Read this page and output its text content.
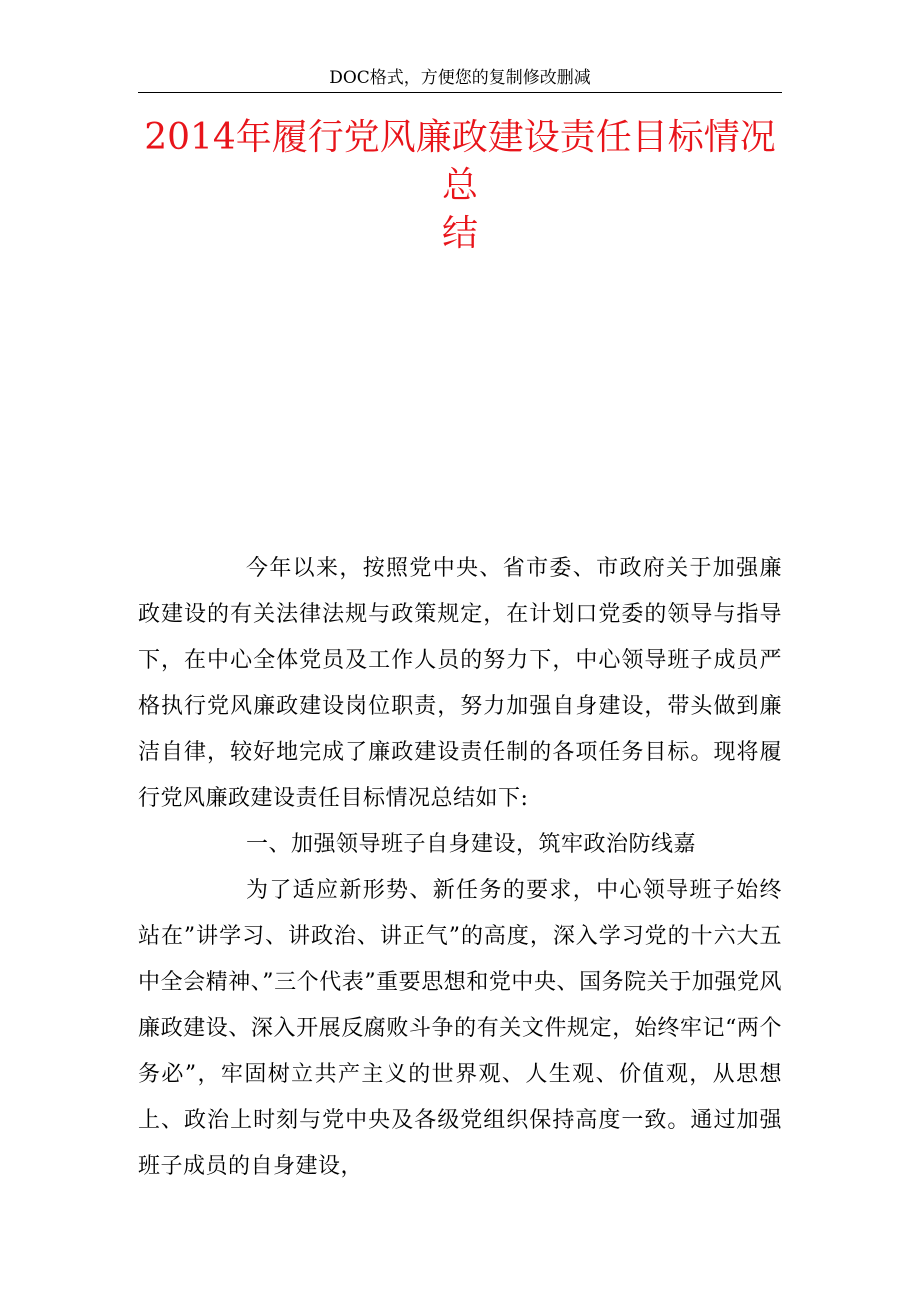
DOC格式，方便您的复制修改删减
2014年履行党风廉政建设责任目标情况总
结

今年以来，按照党中央、省市委、市政府关于加强廉政建设的有关法律法规与政策规定，在计划口党委的领导与指导下，在中心全体党员及工作人员的努力下，中心领导班子成员严格执行党风廉政建设岗位职责，努力加强自身建设，带头做到廉洁自律，较好地完成了廉政建设责任制的各项任务目标。现将履行党风廉政建设责任目标情况总结如下:

一、加强领导班子自身建设，筑牢政治防线嘉

为了适应新形势、新任务的要求，中心领导班子始终站在”讲学习、讲政治、讲正气”的高度，深入学习党的十六大五中全会精神、”三个代表”重要思想和党中央、国务院关于加强党风廉政建设、深入开展反腐败斗争的有关文件规定，始终牢记“两个务必”，牢固树立共产主义的世界观、人生观、价值观，从思想上、政治上时刻与党中央及各级党组织保持高度一致。通过加强班子成员的自身建设，
